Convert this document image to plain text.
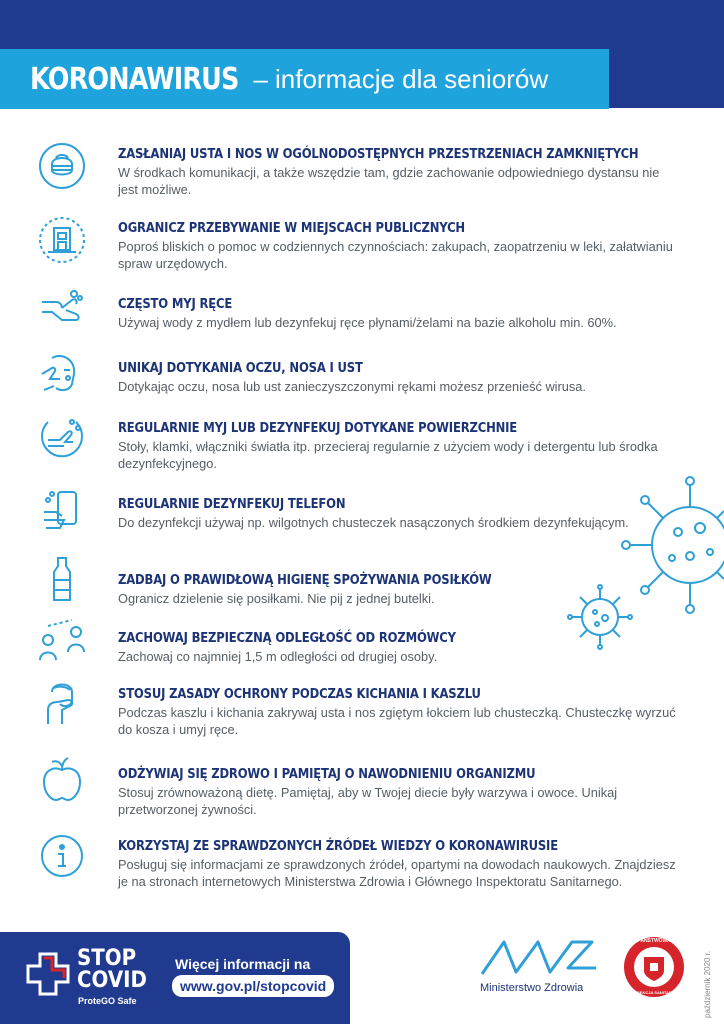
KORONAWIRUS – informacje dla seniorów
ZASŁANIAJ USTA I NOS W OGÓLNODOSTĘPNYCH PRZESTRZENIACH ZAMKNIĘTYCH
W środkach komunikacji, a także wszędzie tam, gdzie zachowanie odpowiedniego dystansu nie jest możliwe.
OGRANICZ PRZEBYWANIE W MIEJSCACH PUBLICZNYCH
Poproś bliskich o pomoc w codziennych czynnościach: zakupach, zaopatrzeniu w leki, załatwianiu spraw urzędowych.
CZĘSTO MYJ RĘCE
Używaj wody z mydłem lub dezynfekuj ręce płynami/żelami na bazie alkoholu min. 60%.
UNIKAJ DOTYKANIA OCZU, NOSA I UST
Dotykając oczu, nosa lub ust zanieczyszczonymi rękami możesz przenieść wirusa.
REGULARNIE MYJ LUB DEZYNFEKUJ DOTYKANE POWIERZCHNIE
Stoły, klamki, włączniki światła itp. przecieraj regularnie z użyciem wody i detergentu lub środka dezynfekcyjnego.
REGULARNIE DEZYNFEKUJ TELEFON
Do dezynfekcji używaj np. wilgotnych chusteczek nasączonych środkiem dezynfekującym.
ZADBAJ O PRAWIDŁOWĄ HIGIENĘ SPOŻYWANIA POSIŁKÓW
Ogranicz dzielenie się posiłkami. Nie pij z jednej butelki.
ZACHOWAJ BEZPIECZNĄ ODLEGŁOŚĆ OD ROZMÓWCY
Zachowaj co najmniej 1,5 m odległości od drugiej osoby.
STOSUJ ZASADY OCHRONY PODCZAS KICHANIA I KASZLU
Podczas kaszlu i kichania zakrywaj usta i nos zgiętym łokciem lub chusteczką. Chusteczkę wyrzuć do kosza i umyj ręce.
ODŻYWIAJ SIĘ ZDROWO I PAMIĘTAJ O NAWODNIENIU ORGANIZMU
Stosuj zrównoważoną dietę. Pamiętaj, aby w Twojej diecie były warzywa i owoce. Unikaj przetworzonej żywności.
KORZYSTAJ ZE SPRAWDZONYCH ŹRÓDEŁ WIEDZY O KORONAWIRUSIE
Posługuj się informacjami ze sprawdzonych źródeł, opartymi na dowodach naukowych. Znajdziesz je na stronach internetowych Ministerstwa Zdrowia i Głównego Inspektoratu Sanitarnego.
STOP
COVID
ProteGO Safe
Więcej informacji na
www.gov.pl/stopcovid	Ministerstwo Zdrowia
PAŃSTWOWA
INSPEKCJA SANITARNA	październik 2020 r.
